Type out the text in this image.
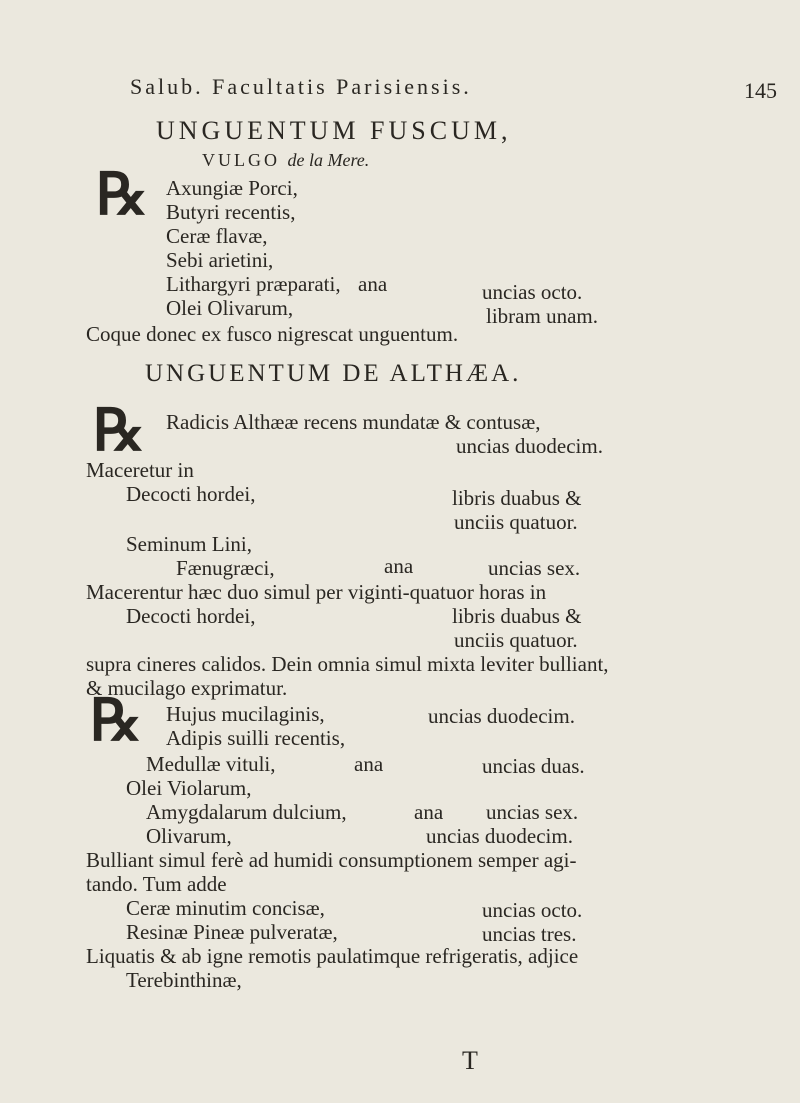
Salub. Facultatis Parisiensis.	145
UNGUENTUM FUSCUM,
VULGO de la Mere.
℞ Axungiæ Porci,
Butyri recentis,
Ceræ flavæ,
Sebi arietini,
Lithargyri præparati, ana	uncias octo.
Olei Olivarum,	libram unam.
Coque donec ex fusco nigrescat unguentum.
UNGUENTUM DE ALTHÆA.
℞ Radicis Althææ recens mundatæ & contusæ,
uncias duodecim.
Maceretur in
Decocti hordei,	libris duabus &
unciis quatuor.
Seminum Lini,
Fænugræci,	ana	uncias sex.
Macerentur hæc duo simul per viginti-quatuor horas in
Decocti hordei,	libris duabus &
unciis quatuor.
supra cineres calidos. Dein omnia simul mixta leviter bulliant,
& mucilago exprimatur.
℞ Hujus mucilaginis,	uncias duodecim.
Adipis suilli recentis,
Medullæ vituli,	ana	uncias duas.
Olei Violarum,
Amygdalarum dulcium,	ana uncias sex.
Olivarum,	uncias duodecim.
Bulliant simul ferè ad humidi consumptionem semper agi-
tando. Tum adde
Ceræ minutim concisæ,	uncias octo.
Resinæ Pineæ pulveratæ,	uncias tres.
Liquatis & ab igne remotis paulatimque refrigeratis, adjice
Terebinthinæ,
T
